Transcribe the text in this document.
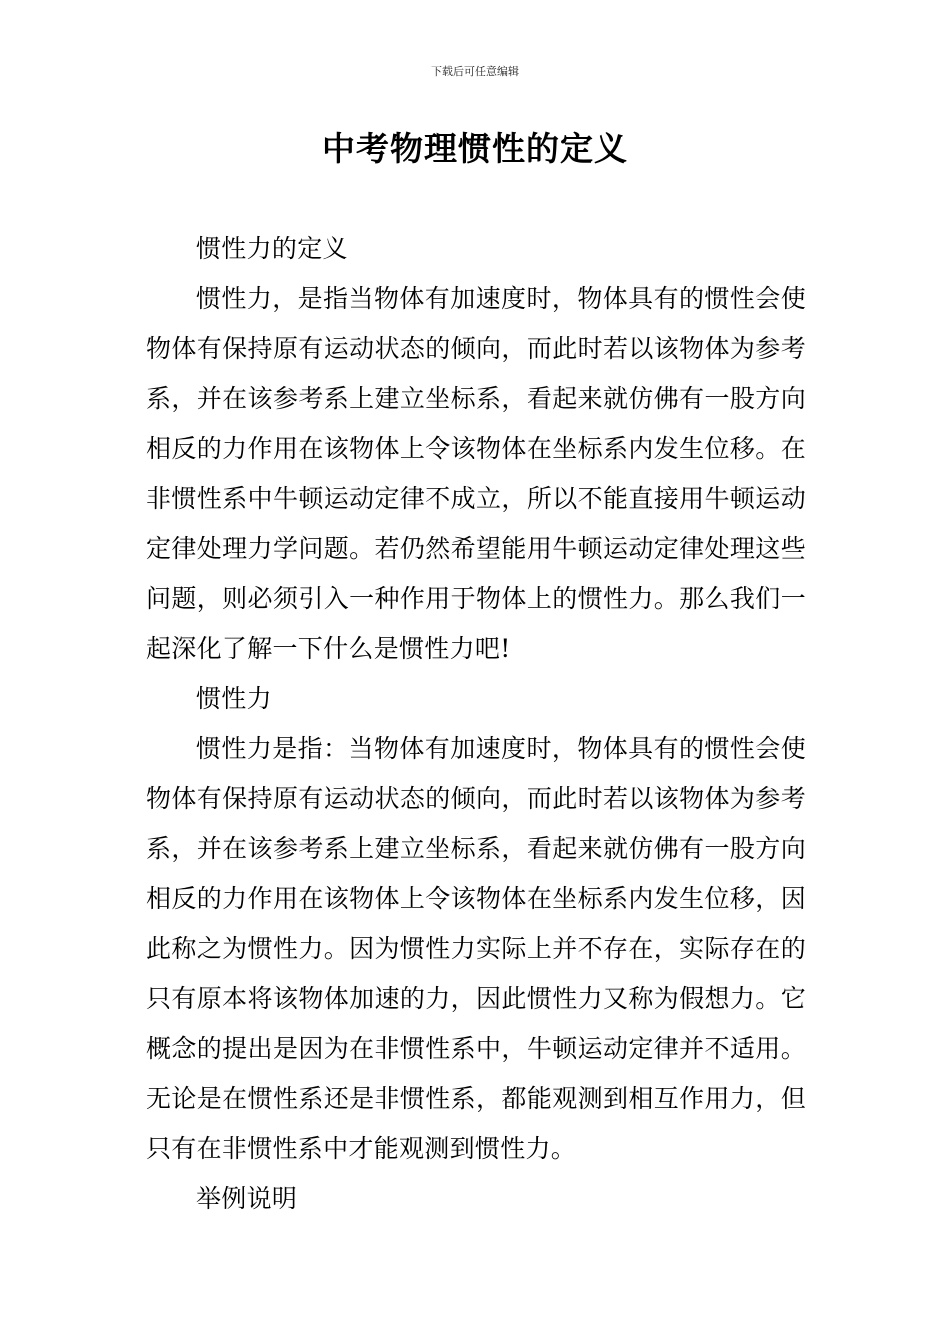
下载后可任意编辑
中考物理惯性的定义

惯性力的定义

惯性力，是指当物体有加速度时，物体具有的惯性会使物体有保持原有运动状态的倾向，而此时若以该物体为参考系，并在该参考系上建立坐标系，看起来就仿佛有一股方向相反的力作用在该物体上令该物体在坐标系内发生位移。在非惯性系中牛顿运动定律不成立，所以不能直接用牛顿运动定律处理力学问题。若仍然希望能用牛顿运动定律处理这些问题，则必须引入一种作用于物体上的惯性力。那么我们一起深化了解一下什么是惯性力吧!

惯性力

惯性力是指：当物体有加速度时，物体具有的惯性会使物体有保持原有运动状态的倾向，而此时若以该物体为参考系，并在该参考系上建立坐标系，看起来就仿佛有一股方向相反的力作用在该物体上令该物体在坐标系内发生位移，因此称之为惯性力。因为惯性力实际上并不存在，实际存在的只有原本将该物体加速的力，因此惯性力又称为假想力。它概念的提出是因为在非惯性系中，牛顿运动定律并不适用。无论是在惯性系还是非惯性系，都能观测到相互作用力，但只有在非惯性系中才能观测到惯性力。

举例说明
